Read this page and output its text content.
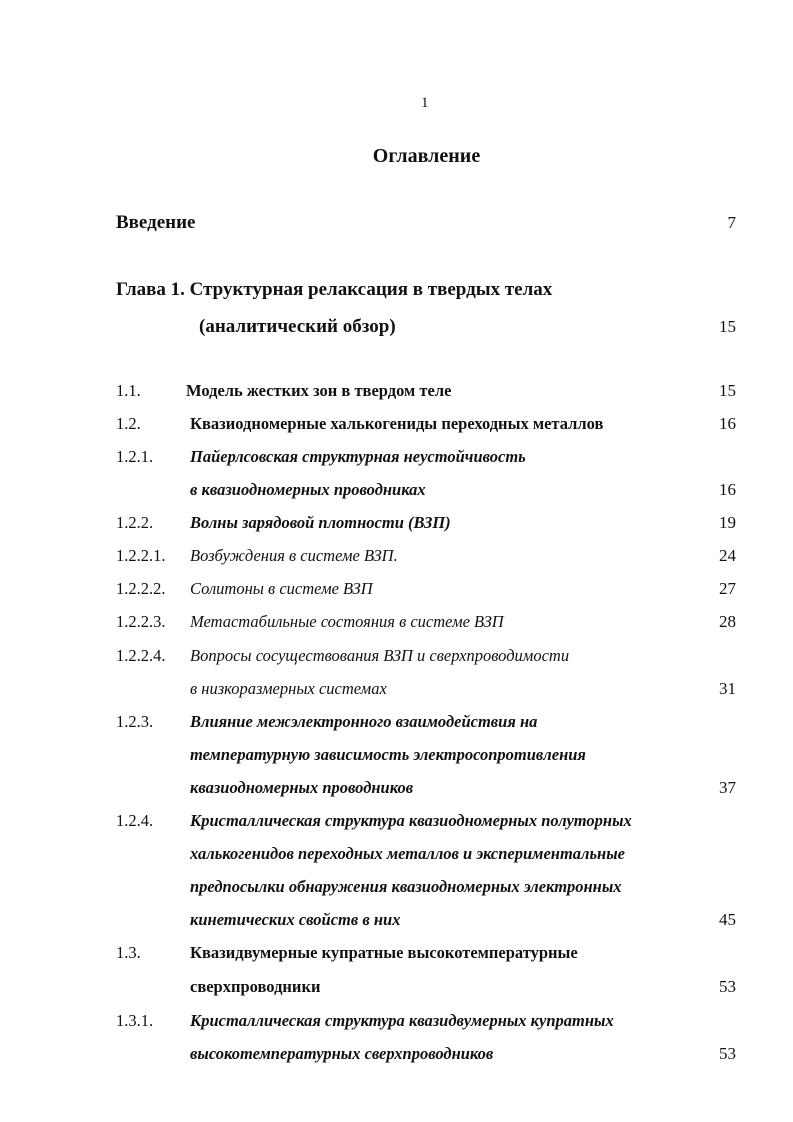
1
Оглавление
Введение	7
Глава 1. Структурная релаксация в твердых телах
(аналитический обзор)	15
1.1.	Модель жестких зон в твердом теле	15
1.2.	Квазиодномерные халькогениды переходных металлов	16
1.2.1. Пайерлсовская структурная неустойчивость
в квазиодномерных проводниках	16
1.2.2. Волны зарядовой плотности (ВЗП)	19
1.2.2.1. Возбуждения в системе ВЗП.	24
1.2.2.2. Солитоны в системе ВЗП	27
1.2.2.3. Метастабильные состояния в системе ВЗП	28
1.2.2.4. Вопросы сосуществования ВЗП и сверхпроводимости
в низкоразмерных системах	31
1.2.3. Влияние межэлектронного взаимодействия на
температурную зависимость электросопротивления
квазиодномерных проводников	37
1.2.4. Кристаллическая структура квазиодномерных полуторных
халькогенидов переходных металлов и экспериментальные
предпосылки обнаружения квазиодномерных электронных
кинетических свойств в них	45
1.3.	Квазидвумерные купратные высокотемпературные
сверхпроводники	53
1.3.1. Кристаллическая структура квазидвумерных купратных
высокотемпературных сверхпроводников	53
